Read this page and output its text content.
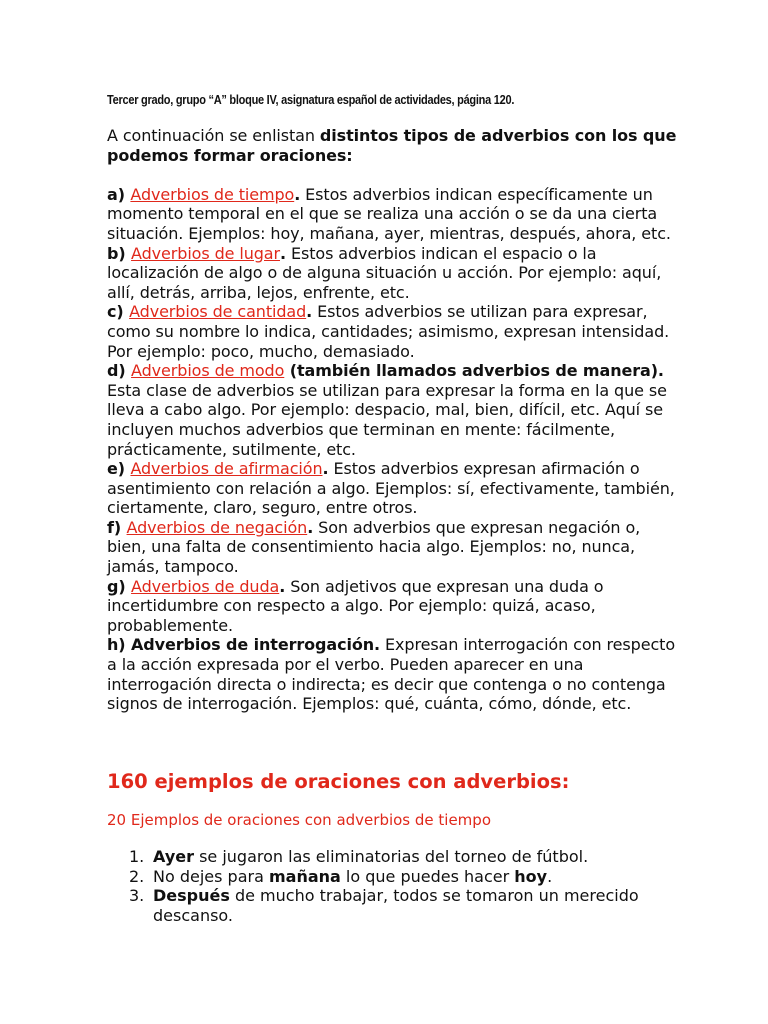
Tercer grado, grupo “A” bloque IV, asignatura español de actividades, página 120.

A continuación se enlistan distintos tipos de adverbios con los que podemos formar oraciones:

a) Adverbios de tiempo. Estos adverbios indican específicamente un momento temporal en el que se realiza una acción o se da una cierta situación. Ejemplos: hoy, mañana, ayer, mientras, después, ahora, etc.

b) Adverbios de lugar. Estos adverbios indican el espacio o la localización de algo o de alguna situación u acción. Por ejemplo: aquí, allí, detrás, arriba, lejos, enfrente, etc.

c) Adverbios de cantidad. Estos adverbios se utilizan para expresar, como su nombre lo indica, cantidades; asimismo, expresan intensidad. Por ejemplo: poco, mucho, demasiado.

d) Adverbios de modo (también llamados adverbios de manera). Esta clase de adverbios se utilizan para expresar la forma en la que se lleva a cabo algo. Por ejemplo: despacio, mal, bien, difícil, etc. Aquí se incluyen muchos adverbios que terminan en mente: fácilmente, prácticamente, sutilmente, etc.

e) Adverbios de afirmación. Estos adverbios expresan afirmación o asentimiento con relación a algo. Ejemplos: sí, efectivamente, también, ciertamente, claro, seguro, entre otros.

f) Adverbios de negación. Son adverbios que expresan negación o, bien, una falta de consentimiento hacia algo. Ejemplos: no, nunca, jamás, tampoco.

g) Adverbios de duda. Son adjetivos que expresan una duda o incertidumbre con respecto a algo. Por ejemplo: quizá, acaso, probablemente.

h) Adverbios de interrogación. Expresan interrogación con respecto a la acción expresada por el verbo. Pueden aparecer en una interrogación directa o indirecta; es decir que contenga o no contenga signos de interrogación. Ejemplos: qué, cuánta, cómo, dónde, etc.

160 ejemplos de oraciones con adverbios:
20 Ejemplos de oraciones con adverbios de tiempo
1. Ayer se jugaron las eliminatorias del torneo de fútbol.
2. No dejes para mañana lo que puedes hacer hoy.
3. Después de mucho trabajar, todos se tomaron un merecido descanso.
